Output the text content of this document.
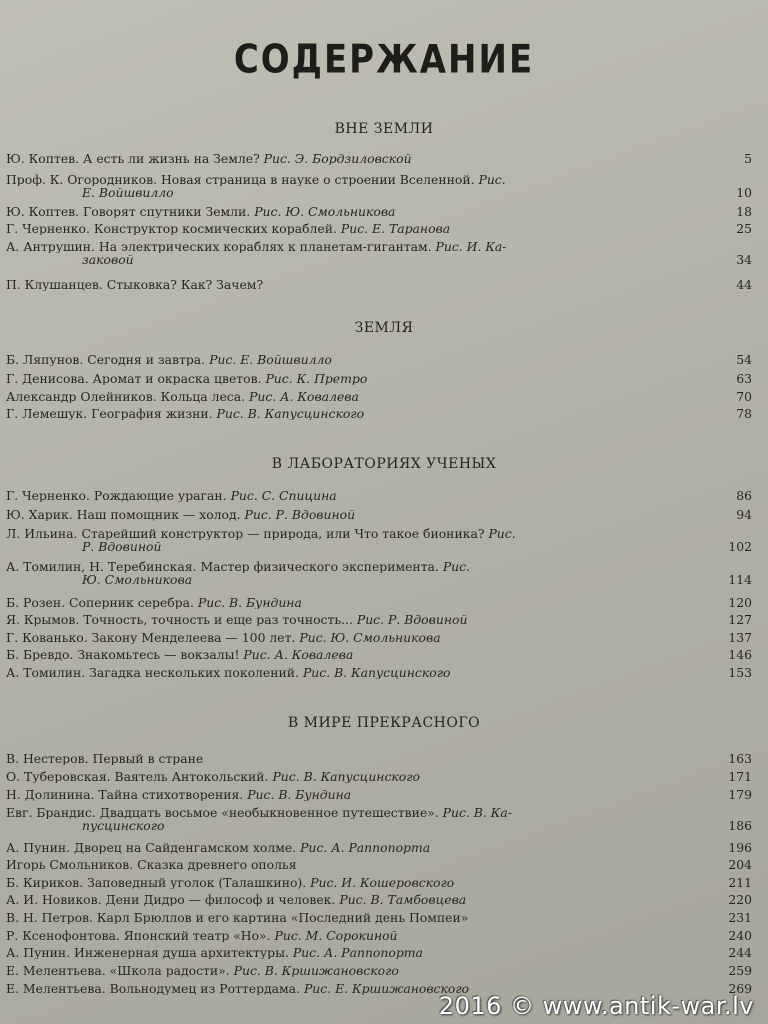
СОДЕРЖАНИЕ
ВНЕ ЗЕМЛИ
Ю. Коптев. А есть ли жизнь на Земле? Рис. Э. Бордзиловской	5
Проф. К. Огородников. Новая страница в науке о строении Вселенной. Рис.
Е. Войшвилло	10
Ю. Коптев. Говорят спутники Земли. Рис. Ю. Смольникова	18
Г. Черненко. Конструктор космических кораблей. Рис. Е. Таранова	25
А. Антрушин. На электрических кораблях к планетам-гигантам. Рис. И. Ка-
заковой	34
П. Клушанцев. Стыковка? Как? Зачем?	44
ЗЕМЛЯ
Б. Ляпунов. Сегодня и завтра. Рис. Е. Войшвилло	54
Г. Денисова. Аромат и окраска цветов. Рис. К. Претро	63
Александр Олейников. Кольца леса. Рис. А. Ковалева	70
Г. Лемешук. География жизни. Рис. В. Капусцинского	78
В ЛАБОРАТОРИЯХ УЧЕНЫХ
Г. Черненко. Рождающие ураган. Рис. С. Спицина	86
Ю. Харик. Наш помощник — холод. Рис. Р. Вдовиной	94
Л. Ильина. Старейший конструктор — природа, или Что такое бионика? Рис.
Р. Вдовиной	102
А. Томилин, Н. Теребинская. Мастер физического эксперимента. Рис.
Ю. Смольникова	114
Б. Розен. Соперник серебра. Рис. В. Бундина	120
Я. Крымов. Точность, точность и еще раз точность... Рис. Р. Вдовиной	127
Г. Кованько. Закону Менделеева — 100 лет. Рис. Ю. Смольникова	137
Б. Бревдо. Знакомьтесь — вокзалы! Рис. А. Ковалева	146
А. Томилин. Загадка нескольких поколений. Рис. В. Капусцинского	153
В МИРЕ ПРЕКРАСНОГО
В. Нестеров. Первый в стране	163
О. Туберовская. Ваятель Антокольский. Рис. В. Капусцинского	171
Н. Долинина. Тайна стихотворения. Рис. В. Бундина	179
Евг. Брандис. Двадцать восьмое «необыкновенное путешествие». Рис. В. Ка-
пусцинского	186
А. Пунин. Дворец на Сайденгамском холме. Рис. А. Раппопорта	196
Игорь Смольников. Сказка древнего ополья	204
Б. Кириков. Заповедный уголок (Талашкино). Рис. И. Кошеровского	211
А. И. Новиков. Дени Дидро — философ и человек. Рис. В. Тамбовцева	220
В. Н. Петров. Карл Брюллов и его картина «Последний день Помпеи»	231
Р. Ксенофонтова. Японский театр «Но». Рис. М. Сорокиной	240
А. Пунин. Инженерная душа архитектуры. Рис. А. Раппопорта	244
Е. Мелентьева. «Школа радости». Рис. В. Кршижановского	259
Е. Мелентьева. Вольнодумец из Роттердама. Рис. Е. Кршижановского	269
2016 © www.antik-war.lv
